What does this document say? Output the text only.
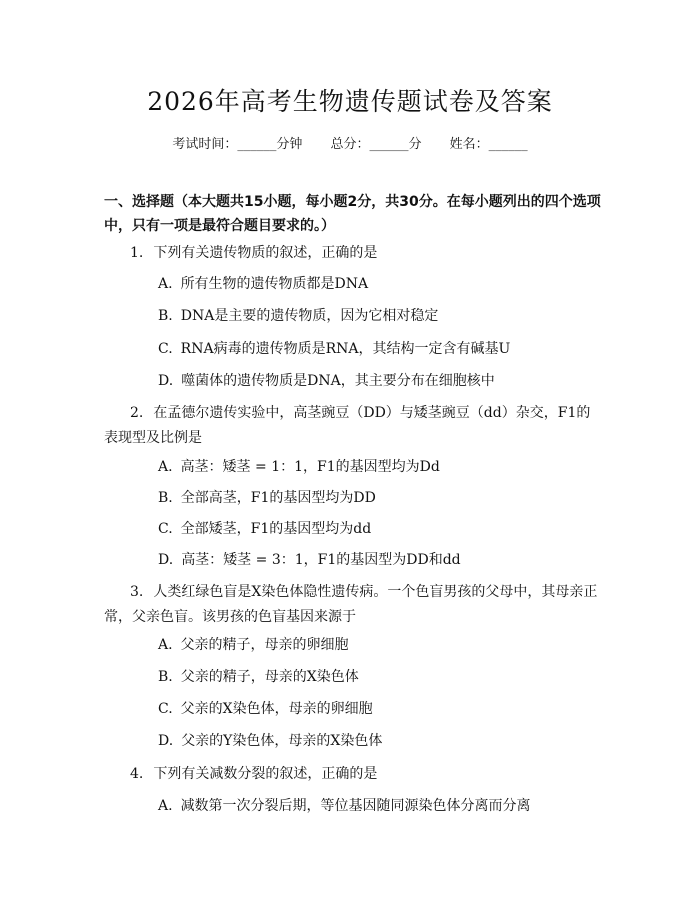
2026年高考生物遗传题试卷及答案
考试时间：______分钟 总分：______分 姓名：______
一、选择题（本大题共15小题，每小题2分，共30分。在每小题列出的四个选项中，只有一项是最符合题目要求的。）
1. 下列有关遗传物质的叙述，正确的是
A. 所有生物的遗传物质都是DNA
B. DNA是主要的遗传物质，因为它相对稳定
C. RNA病毒的遗传物质是RNA，其结构一定含有碱基U
D. 噬菌体的遗传物质是DNA，其主要分布在细胞核中
2. 在孟德尔遗传实验中，高茎豌豆（DD）与矮茎豌豆（dd）杂交，F1的表现型及比例是
A. 高茎：矮茎 = 1：1，F1的基因型均为Dd
B. 全部高茎，F1的基因型均为DD
C. 全部矮茎，F1的基因型均为dd
D. 高茎：矮茎 = 3：1，F1的基因型为DD和dd
3. 人类红绿色盲是X染色体隐性遗传病。一个色盲男孩的父母中，其母亲正常，父亲色盲。该男孩的色盲基因来源于
A. 父亲的精子，母亲的卵细胞
B. 父亲的精子，母亲的X染色体
C. 父亲的X染色体，母亲的卵细胞
D. 父亲的Y染色体，母亲的X染色体
4. 下列有关减数分裂的叙述，正确的是
A. 减数第一次分裂后期，等位基因随同源染色体分离而分离
